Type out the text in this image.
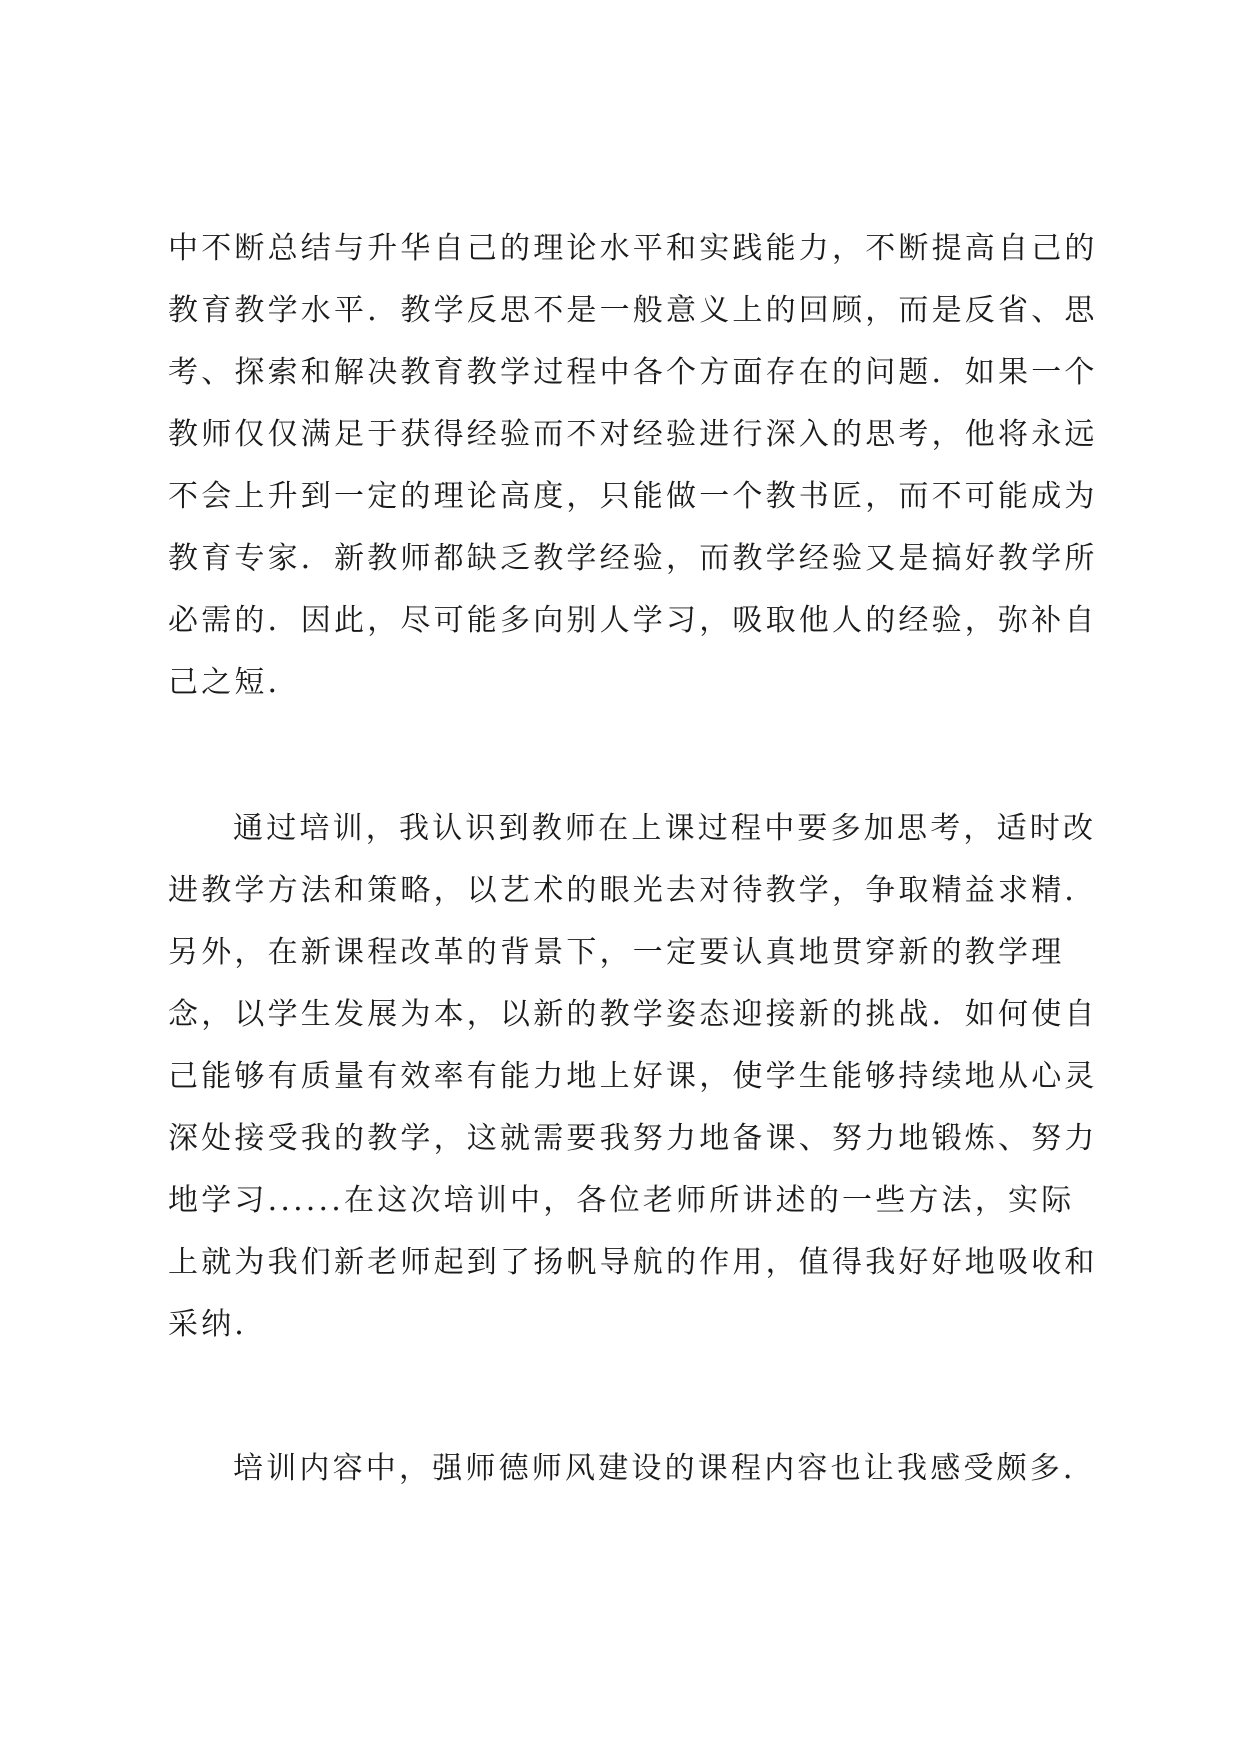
中不断总结与升华自己的理论水平和实践能力，不断提高自己的
教育教学水平．教学反思不是一般意义上的回顾，而是反省、思
考、探索和解决教育教学过程中各个方面存在的问题．如果一个
教师仅仅满足于获得经验而不对经验进行深入的思考，他将永远
不会上升到一定的理论高度，只能做一个教书匠，而不可能成为
教育专家．新教师都缺乏教学经验，而教学经验又是搞好教学所
必需的．因此，尽可能多向别人学习，吸取他人的经验，弥补自
己之短．
通过培训，我认识到教师在上课过程中要多加思考，适时改
进教学方法和策略，以艺术的眼光去对待教学，争取精益求精．
另外，在新课程改革的背景下，一定要认真地贯穿新的教学理
念，以学生发展为本，以新的教学姿态迎接新的挑战．如何使自
己能够有质量有效率有能力地上好课，使学生能够持续地从心灵
深处接受我的教学，这就需要我努力地备课、努力地锻炼、努力
地学习......在这次培训中，各位老师所讲述的一些方法，实际
上就为我们新老师起到了扬帆导航的作用，值得我好好地吸收和
采纳．
培训内容中，强师德师风建设的课程内容也让我感受颇多．
